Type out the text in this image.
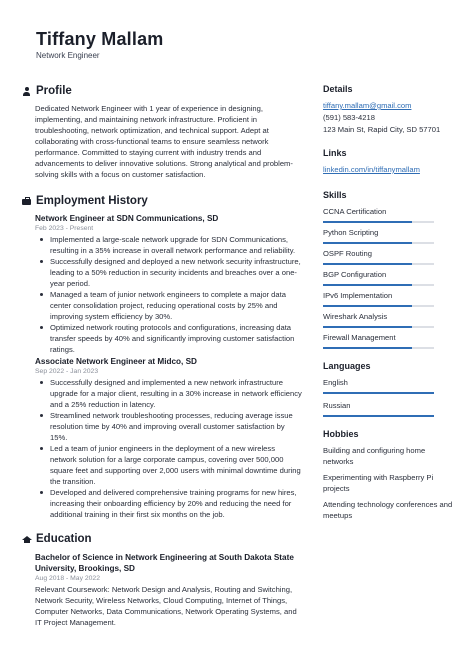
Tiffany Mallam
Network Engineer
Profile
Dedicated Network Engineer with 1 year of experience in designing, implementing, and maintaining network infrastructure. Proficient in troubleshooting, network optimization, and technical support. Adept at collaborating with cross-functional teams to ensure seamless network performance. Committed to staying current with industry trends and advancements to deliver innovative solutions. Strong analytical and problem-solving skills with a focus on customer satisfaction.
Employment History
Network Engineer at SDN Communications, SD
Feb 2023 - Present
Implemented a large-scale network upgrade for SDN Communications, resulting in a 35% increase in overall network performance and reliability.
Successfully designed and deployed a new network security infrastructure, leading to a 50% reduction in security incidents and breaches over a one-year period.
Managed a team of junior network engineers to complete a major data center consolidation project, reducing operational costs by 25% and improving system efficiency by 30%.
Optimized network routing protocols and configurations, increasing data transfer speeds by 40% and significantly improving customer satisfaction ratings.
Associate Network Engineer at Midco, SD
Sep 2022 - Jan 2023
Successfully designed and implemented a new network infrastructure upgrade for a major client, resulting in a 30% increase in network efficiency and a 25% reduction in latency.
Streamlined network troubleshooting processes, reducing average issue resolution time by 40% and improving overall customer satisfaction by 15%.
Led a team of junior engineers in the deployment of a new wireless network solution for a large corporate campus, covering over 500,000 square feet and supporting over 2,000 users with minimal downtime during the transition.
Developed and delivered comprehensive training programs for new hires, increasing their onboarding efficiency by 20% and reducing the need for additional training in their first six months on the job.
Education
Bachelor of Science in Network Engineering at South Dakota State University, Brookings, SD
Aug 2018 - May 2022
Relevant Coursework: Network Design and Analysis, Routing and Switching, Network Security, Wireless Networks, Cloud Computing, Internet of Things, Computer Networks, Data Communications, Network Operating Systems, and IT Project Management.
Details
tiffany.mallam@gmail.com
(591) 583-4218
123 Main St, Rapid City, SD 57701
Links
linkedin.com/in/tiffanymallam
Skills
CCNA Certification
Python Scripting
OSPF Routing
BGP Configuration
IPv6 Implementation
Wireshark Analysis
Firewall Management
Languages
English
Russian
Hobbies
Building and configuring home networks
Experimenting with Raspberry Pi projects
Attending technology conferences and meetups
